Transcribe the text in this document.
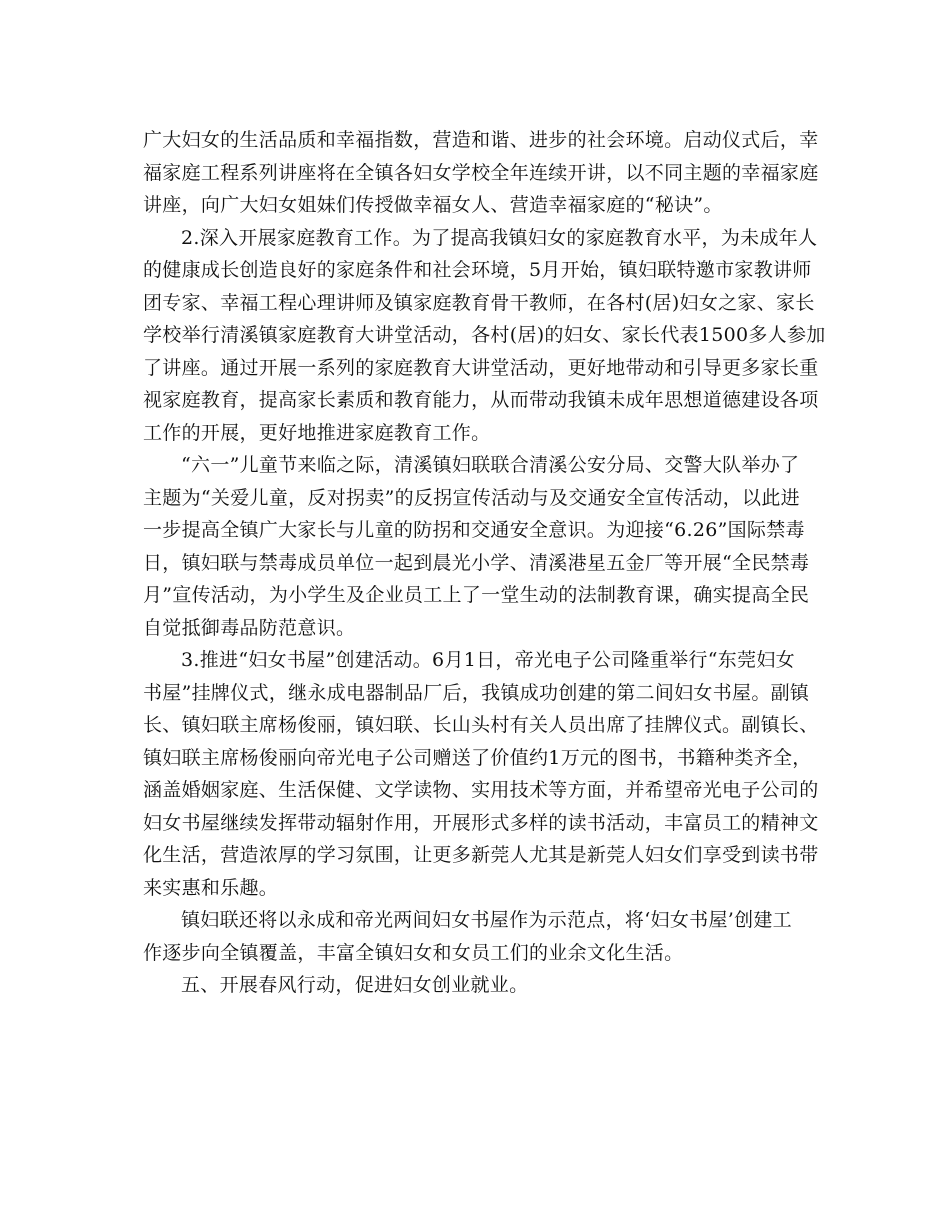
广大妇女的生活品质和幸福指数，营造和谐、进步的社会环境。启动仪式后，幸
福家庭工程系列讲座将在全镇各妇女学校全年连续开讲，以不同主题的幸福家庭
讲座，向广大妇女姐妹们传授做幸福女人、营造幸福家庭的“秘诀”。
2.深入开展家庭教育工作。为了提高我镇妇女的家庭教育水平，为未成年人
的健康成长创造良好的家庭条件和社会环境，5月开始，镇妇联特邀市家教讲师
团专家、幸福工程心理讲师及镇家庭教育骨干教师，在各村(居)妇女之家、家长
学校举行清溪镇家庭教育大讲堂活动，各村(居)的妇女、家长代表1500多人参加
了讲座。通过开展一系列的家庭教育大讲堂活动，更好地带动和引导更多家长重
视家庭教育，提高家长素质和教育能力，从而带动我镇未成年思想道德建设各项
工作的开展，更好地推进家庭教育工作。
“六一”儿童节来临之际，清溪镇妇联联合清溪公安分局、交警大队举办了
主题为“关爱儿童，反对拐卖”的反拐宣传活动与及交通安全宣传活动，以此进
一步提高全镇广大家长与儿童的防拐和交通安全意识。为迎接“6.26”国际禁毒
日，镇妇联与禁毒成员单位一起到晨光小学、清溪港星五金厂等开展“全民禁毒
月”宣传活动，为小学生及企业员工上了一堂生动的法制教育课，确实提高全民
自觉抵御毒品防范意识。
3.推进“妇女书屋”创建活动。6月1日，帝光电子公司隆重举行“东莞妇女
书屋”挂牌仪式，继永成电器制品厂后，我镇成功创建的第二间妇女书屋。副镇
长、镇妇联主席杨俊丽，镇妇联、长山头村有关人员出席了挂牌仪式。副镇长、
镇妇联主席杨俊丽向帝光电子公司赠送了价值约1万元的图书，书籍种类齐全，
涵盖婚姻家庭、生活保健、文学读物、实用技术等方面，并希望帝光电子公司的
妇女书屋继续发挥带动辐射作用，开展形式多样的读书活动，丰富员工的精神文
化生活，营造浓厚的学习氛围，让更多新莞人尤其是新莞人妇女们享受到读书带
来实惠和乐趣。
镇妇联还将以永成和帝光两间妇女书屋作为示范点，将‘妇女书屋’创建工
作逐步向全镇覆盖，丰富全镇妇女和女员工们的业余文化生活。
五、开展春风行动，促进妇女创业就业。
